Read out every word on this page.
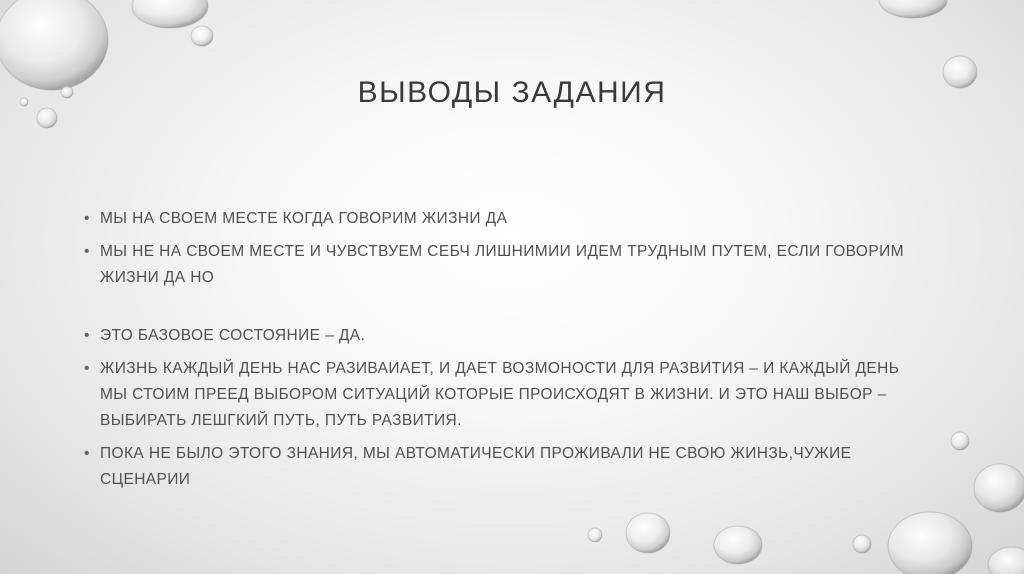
ВЫВОДЫ ЗАДАНИЯ
• МЫ НА СВОЕМ МЕСТЕ КОГДА ГОВОРИМ ЖИЗНИ ДА
• МЫ НЕ НА СВОЕМ МЕСТЕ И ЧУВСТВУЕМ СЕБЧ ЛИШНИМИИ ИДЕМ ТРУДНЫМ ПУТЕМ, ЕСЛИ ГОВОРИМ ЖИЗНИ ДА НО
• ЭТО БАЗОВОЕ СОСТОЯНИЕ – ДА.
• ЖИЗНЬ КАЖДЫЙ ДЕНЬ НАС РАЗИВАИАЕТ, И ДАЕТ ВОЗМОНОСТИ ДЛЯ РАЗВИТИЯ – И КАЖДЫЙ ДЕНЬ МЫ СТОИМ ПРЕЕД ВЫБОРОМ СИТУАЦИЙ КОТОРЫЕ ПРОИСХОДЯТ В ЖИЗНИ. И ЭТО НАШ ВЫБОР –ВЫБИРАТЬ ЛЕШГКИЙ ПУТЬ, ПУТЬ РАЗВИТИЯ.
• ПОКА НЕ БЫЛО ЭТОГО ЗНАНИЯ, МЫ АВТОМАТИЧЕСКИ ПРОЖИВАЛИ НЕ СВОЮ ЖИНЗЬ,ЧУЖИЕ СЦЕНАРИИ
